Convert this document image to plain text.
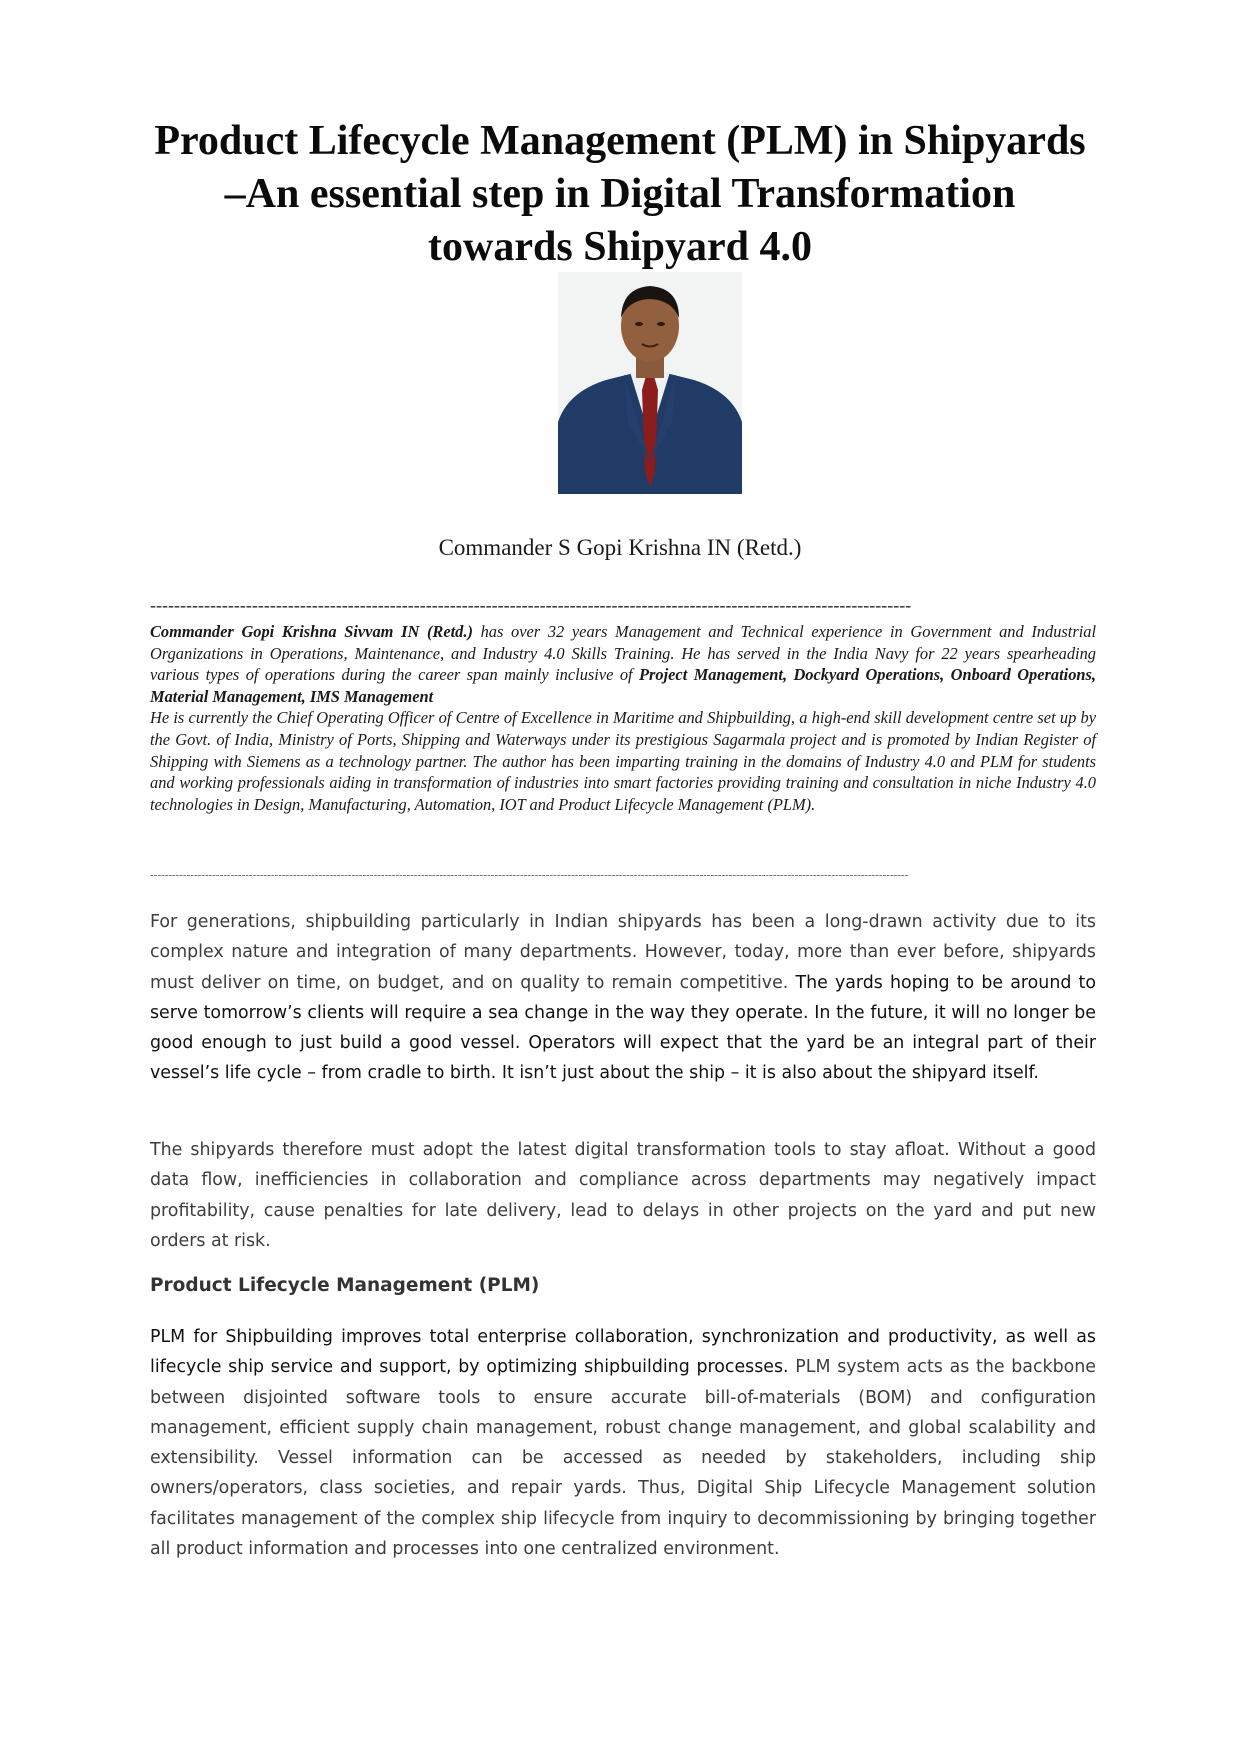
Product Lifecycle Management (PLM) in Shipyards –An essential step in Digital Transformation towards Shipyard 4.0

Commander S Gopi Krishna IN (Retd.)

-------------------------------------------------------------------------------------------------------------------------------

Commander Gopi Krishna Sivvam IN (Retd.) has over 32 years Management and Technical experience in Government and Industrial Organizations in Operations, Maintenance, and Industry 4.0 Skills Training. He has served in the India Navy for 22 years spearheading various types of operations during the career span mainly inclusive of Project Management, Dockyard Operations, Onboard Operations, Material Management, IMS Management

He is currently the Chief Operating Officer of Centre of Excellence in Maritime and Shipbuilding, a high-end skill development centre set up by the Govt. of India, Ministry of Ports, Shipping and Waterways under its prestigious Sagarmala project and is promoted by Indian Register of Shipping with Siemens as a technology partner. The author has been imparting training in the domains of Industry 4.0 and PLM for students and working professionals aiding in transformation of industries into smart factories providing training and consultation in niche Industry 4.0 technologies in Design, Manufacturing, Automation, IOT and Product Lifecycle Management (PLM).

---------------------------------------------------------------------------------------------------------------------------------------------------------------------------------------------------------------

For generations, shipbuilding particularly in Indian shipyards has been a long-drawn activity due to its complex nature and integration of many departments. However, today, more than ever before, shipyards must deliver on time, on budget, and on quality to remain competitive. The yards hoping to be around to serve tomorrow’s clients will require a sea change in the way they operate. In the future, it will no longer be good enough to just build a good vessel. Operators will expect that the yard be an integral part of their vessel’s life cycle – from cradle to birth. It isn’t just about the ship – it is also about the shipyard itself.

The shipyards therefore must adopt the latest digital transformation tools to stay afloat. Without a good data flow, inefficiencies in collaboration and compliance across departments may negatively impact profitability, cause penalties for late delivery, lead to delays in other projects on the yard and put new orders at risk.

Product Lifecycle Management (PLM)

PLM for Shipbuilding improves total enterprise collaboration, synchronization and productivity, as well as lifecycle ship service and support, by optimizing shipbuilding processes. PLM system acts as the backbone between disjointed software tools to ensure accurate bill-of-materials (BOM) and configuration management, efficient supply chain management, robust change management, and global scalability and extensibility. Vessel information can be accessed as needed by stakeholders, including ship owners/operators, class societies, and repair yards. Thus, Digital Ship Lifecycle Management solution facilitates management of the complex ship lifecycle from inquiry to decommissioning by bringing together all product information and processes into one centralized environment.
